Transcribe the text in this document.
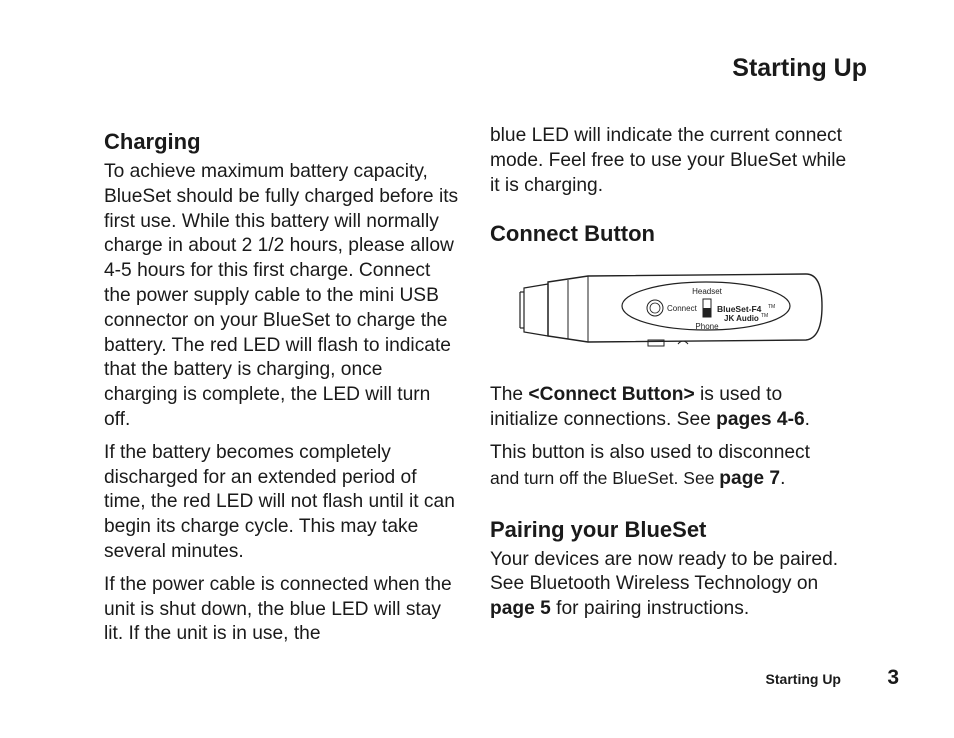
Starting Up
Charging

To achieve maximum battery capacity, BlueSet should be fully charged before its first use. While this battery will normally charge in about 2 1/2 hours, please allow 4-5 hours for this first charge. Connect the power supply cable to the mini USB connector on your BlueSet to charge the battery. The red LED will flash to indicate that the battery is charging, once charging is complete, the LED will turn off.

If the battery becomes completely discharged for an extended period of time, the red LED will not flash until it can begin its charge cycle. This may take several minutes.

If the power cable is connected when the unit is shut down, the blue LED will stay lit. If the unit is in use, the

blue LED will indicate the current connect mode. Feel free to use your BlueSet while it is charging.

Connect Button
Headset
Connect
Phone
BlueSet-F4 TM
JK Audio TM

The <Connect Button> is used to initialize connections. See pages 4-6.

This button is also used to disconnect
and turn off the BlueSet. See page 7.

Pairing your BlueSet

Your devices are now ready to be paired. See Bluetooth Wireless Technology on page 5 for pairing instructions.

Starting Up 3
